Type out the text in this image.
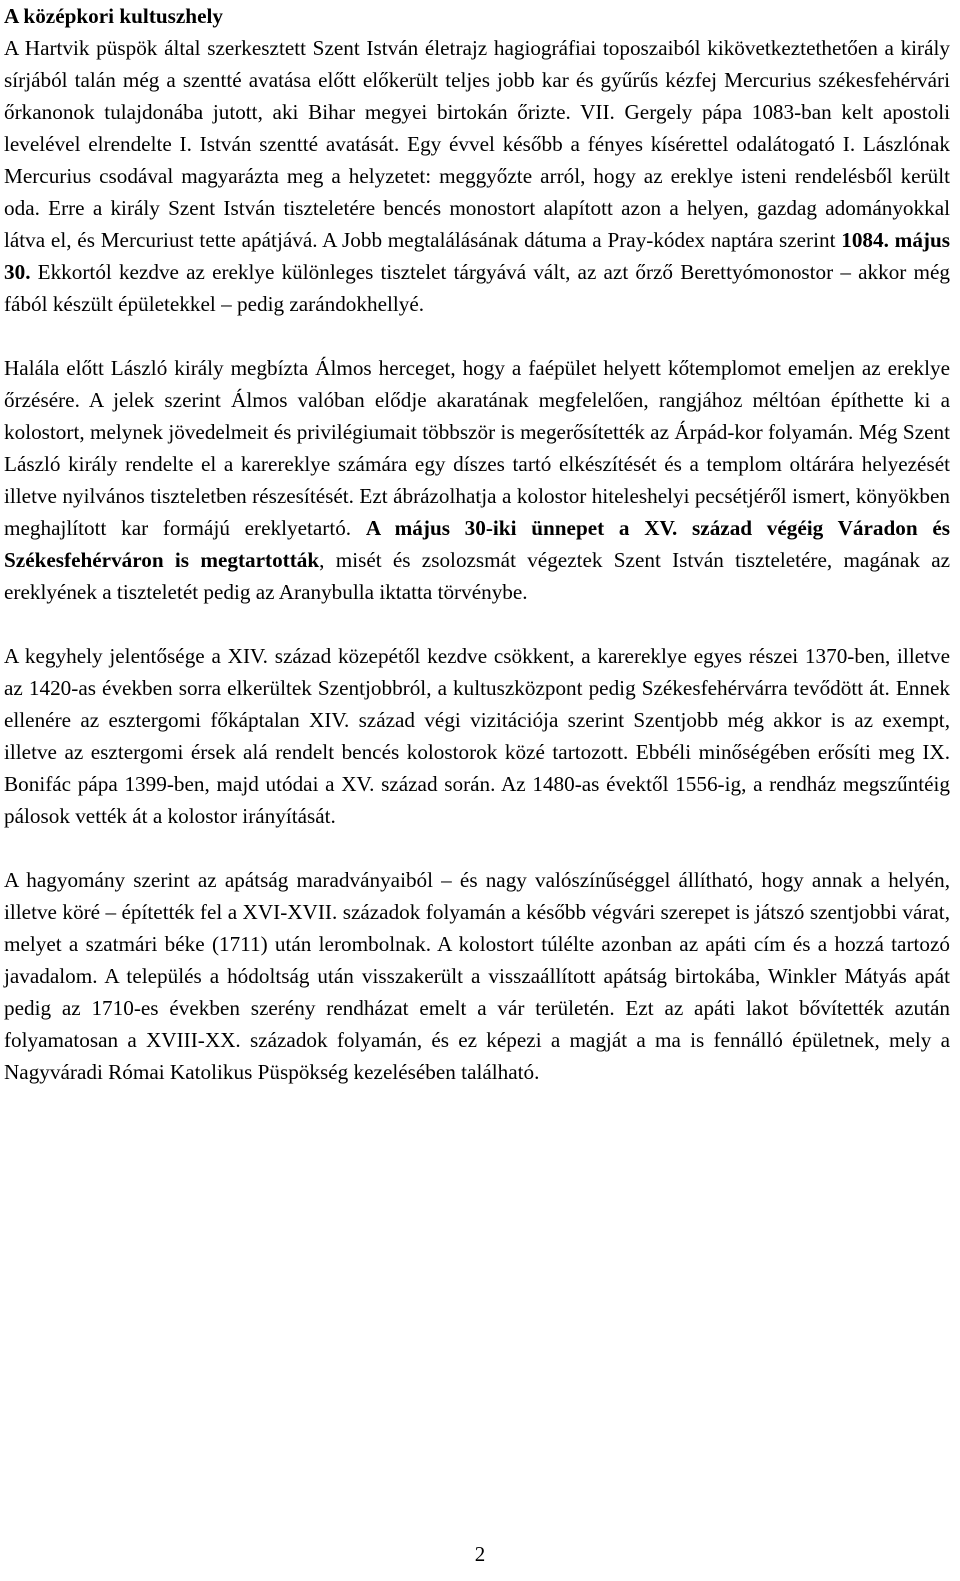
A középkori kultuszhely

A Hartvik püspök által szerkesztett Szent István életrajz hagiográfiai toposzaiból kikövetkeztethetően a király sírjából talán még a szentté avatása előtt előkerült teljes jobb kar és gyűrűs kézfej Mercurius székesfehérvári őrkanonok tulajdonába jutott, aki Bihar megyei birtokán őrizte. VII. Gergely pápa 1083-ban kelt apostoli levelével elrendelte I. István szentté avatását. Egy évvel később a fényes kísérettel odalátogató I. Lászlónak Mercurius csodával magyarázta meg a helyzetet: meggyőzte arról, hogy az ereklye isteni rendelésből került oda. Erre a király Szent István tiszteletére bencés monostort alapított azon a helyen, gazdag adományokkal látva el, és Mercuriust tette apátjává. A Jobb megtalálásának dátuma a Pray-kódex naptára szerint 1084. május 30. Ekkortól kezdve az ereklye különleges tisztelet tárgyává vált, az azt őrző Berettyómonostor – akkor még fából készült épületekkel – pedig zarándokhellyé.

Halála előtt László király megbízta Álmos herceget, hogy a faépület helyett kőtemplomot emeljen az ereklye őrzésére. A jelek szerint Álmos valóban elődje akaratának megfelelően, rangjához méltóan építhette ki a kolostort, melynek jövedelmeit és privilégiumait többször is megerősítették az Árpád-kor folyamán. Még Szent László király rendelte el a karereklye számára egy díszes tartó elkészítését és a templom oltárára helyezését illetve nyilvános tiszteletben részesítését. Ezt ábrázolhatja a kolostor hiteleshelyi pecsétjéről ismert, könyökben meghajlított kar formájú ereklyetartó. A május 30-iki ünnepet a XV. század végéig Váradon és Székesfehérváron is megtartották, misét és zsolozsmát végeztek Szent István tiszteletére, magának az ereklyének a tiszteletét pedig az Aranybulla iktatta törvénybe.

A kegyhely jelentősége a XIV. század közepétől kezdve csökkent, a karereklye egyes részei 1370-ben, illetve az 1420-as években sorra elkerültek Szentjobbról, a kultuszközpont pedig Székesfehérvárra tevődött át. Ennek ellenére az esztergomi főkáptalan XIV. század végi vizitációja szerint Szentjobb még akkor is az exempt, illetve az esztergomi érsek alá rendelt bencés kolostorok közé tartozott. Ebbéli minőségében erősíti meg IX. Bonifác pápa 1399-ben, majd utódai a XV. század során. Az 1480-as évektől 1556-ig, a rendház megszűntéig pálosok vették át a kolostor irányítását.

A hagyomány szerint az apátság maradványaiból – és nagy valószínűséggel állítható, hogy annak a helyén, illetve köré – építették fel a XVI-XVII. századok folyamán a később végvári szerepet is játszó szentjobbi várat, melyet a szatmári béke (1711) után lerombolnak. A kolostort túlélte azonban az apáti cím és a hozzá tartozó javadalom. A település a hódoltság után visszakerült a visszaállított apátság birtokába, Winkler Mátyás apát pedig az 1710-es években szerény rendházat emelt a vár területén. Ezt az apáti lakot bővítették azután folyamatosan a XVIII-XX. századok folyamán, és ez képezi a magját a ma is fennálló épületnek, mely a Nagyváradi Római Katolikus Püspökség kezelésében található.

2
